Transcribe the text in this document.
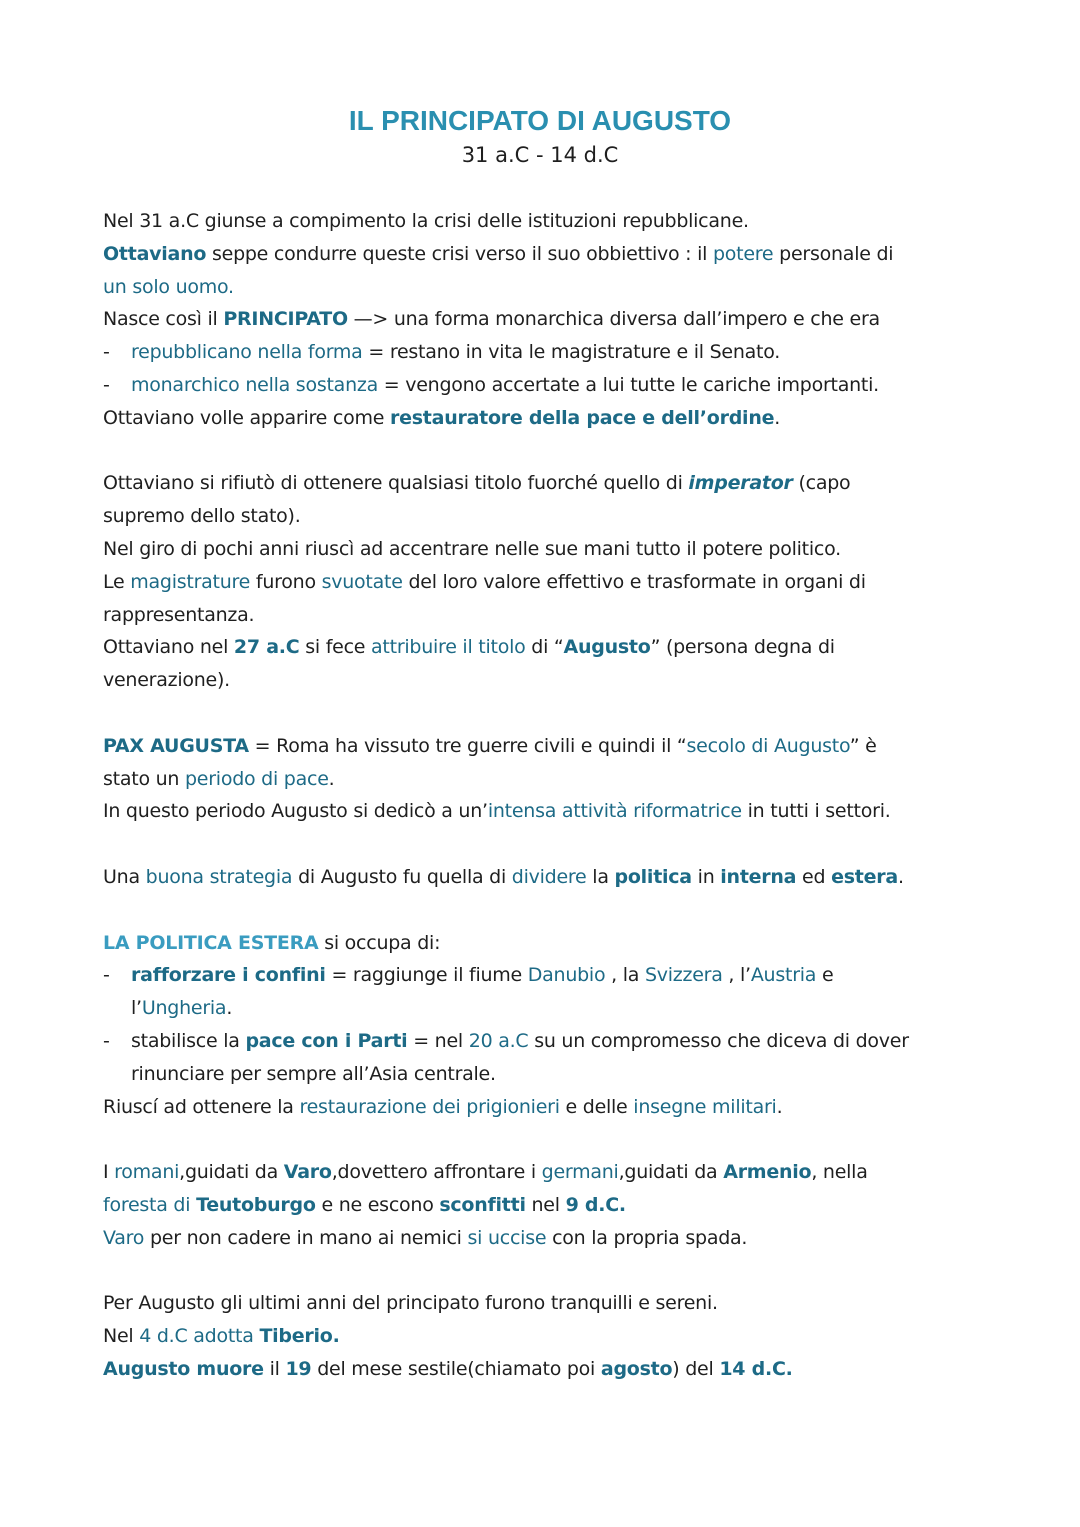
IL PRINCIPATO DI AUGUSTO
31 a.C - 14 d.C
Nel 31 a.C giunse a compimento la crisi delle istituzioni repubblicane.
Ottaviano seppe condurre queste crisi verso il suo obbiettivo : il potere personale di
un solo uomo.
Nasce così il PRINCIPATO —> una forma monarchica diversa dall’impero e che era
- repubblicano nella forma = restano in vita le magistrature e il Senato.
- monarchico nella sostanza = vengono accertate a lui tutte le cariche importanti.
Ottaviano volle apparire come restauratore della pace e dell’ordine.
Ottaviano si rifiutò di ottenere qualsiasi titolo fuorché quello di imperator (capo
supremo dello stato).
Nel giro di pochi anni riuscì ad accentrare nelle sue mani tutto il potere politico.
Le magistrature furono svuotate del loro valore effettivo e trasformate in organi di
rappresentanza.
Ottaviano nel 27 a.C si fece attribuire il titolo di “Augusto” (persona degna di
venerazione).
PAX AUGUSTA = Roma ha vissuto tre guerre civili e quindi il “secolo di Augusto” è
stato un periodo di pace.
In questo periodo Augusto si dedicò a un’intensa attività riformatrice in tutti i settori.
Una buona strategia di Augusto fu quella di dividere la politica in interna ed estera.
LA POLITICA ESTERA si occupa di:
- rafforzare i confini = raggiunge il fiume Danubio , la Svizzera , l’Austria e
l’Ungheria.
- stabilisce la pace con i Parti = nel 20 a.C su un compromesso che diceva di dover
rinunciare per sempre all’Asia centrale.
Riuscí ad ottenere la restaurazione dei prigionieri e delle insegne militari.
I romani,guidati da Varo,dovettero affrontare i germani,guidati da Armenio, nella
foresta di Teutoburgo e ne escono sconfitti nel 9 d.C.
Varo per non cadere in mano ai nemici si uccise con la propria spada.
Per Augusto gli ultimi anni del principato furono tranquilli e sereni.
Nel 4 d.C adotta Tiberio.
Augusto muore il 19 del mese sestile(chiamato poi agosto) del 14 d.C.
